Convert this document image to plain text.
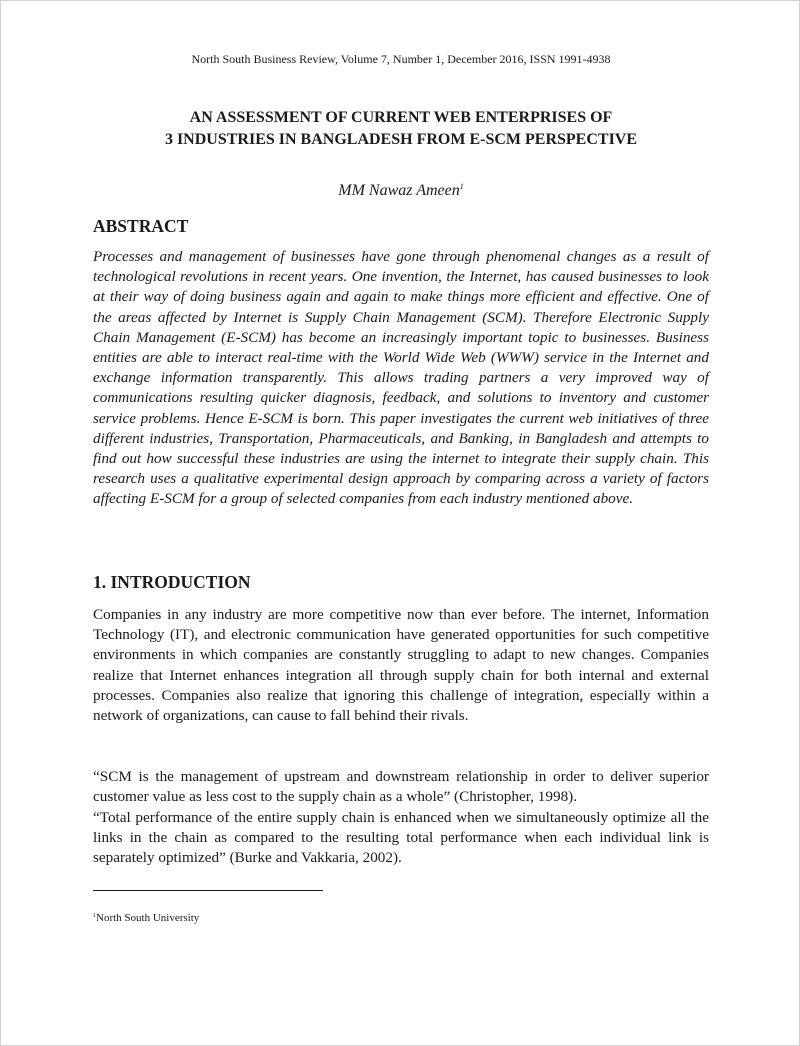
North South Business Review, Volume 7, Number 1, December 2016, ISSN 1991-4938
AN ASSESSMENT OF CURRENT WEB ENTERPRISES OF
3 INDUSTRIES IN BANGLADESH FROM E-SCM PERSPECTIVE
MM Nawaz Ameen$^1$
ABSTRACT

Processes and management of businesses have gone through phenomenal changes as a result of technological revolutions in recent years. One invention, the Internet, has caused businesses to look at their way of doing business again and again to make things more efficient and effective. One of the areas affected by Internet is Supply Chain Management (SCM). Therefore Electronic Supply Chain Management (E-SCM) has become an increasingly important topic to businesses. Business entities are able to interact real-time with the World Wide Web (WWW) service in the Internet and exchange information transparently. This allows trading partners a very improved way of communications resulting quicker diagnosis, feedback, and solutions to inventory and customer service problems. Hence E-SCM is born. This paper investigates the current web initiatives of three different industries, Transportation, Pharmaceuticals, and Banking, in Bangladesh and attempts to find out how successful these industries are using the internet to integrate their supply chain. This research uses a qualitative experimental design approach by comparing across a variety of factors affecting E-SCM for a group of selected companies from each industry mentioned above.

1. INTRODUCTION

Companies in any industry are more competitive now than ever before. The internet, Information Technology (IT), and electronic communication have generated opportunities for such competitive environments in which companies are constantly struggling to adapt to new changes. Companies realize that Internet enhances integration all through supply chain for both internal and external processes. Companies also realize that ignoring this challenge of integration, especially within a network of organizations, can cause to fall behind their rivals.

“SCM is the management of upstream and downstream relationship in order to deliver superior customer value as less cost to the supply chain as a whole” (Christopher, 1998).

“Total performance of the entire supply chain is enhanced when we simultaneously optimize all the links in the chain as compared to the resulting total performance when each individual link is separately optimized” (Burke and Vakkaria, 2002).

$^1$North South University
